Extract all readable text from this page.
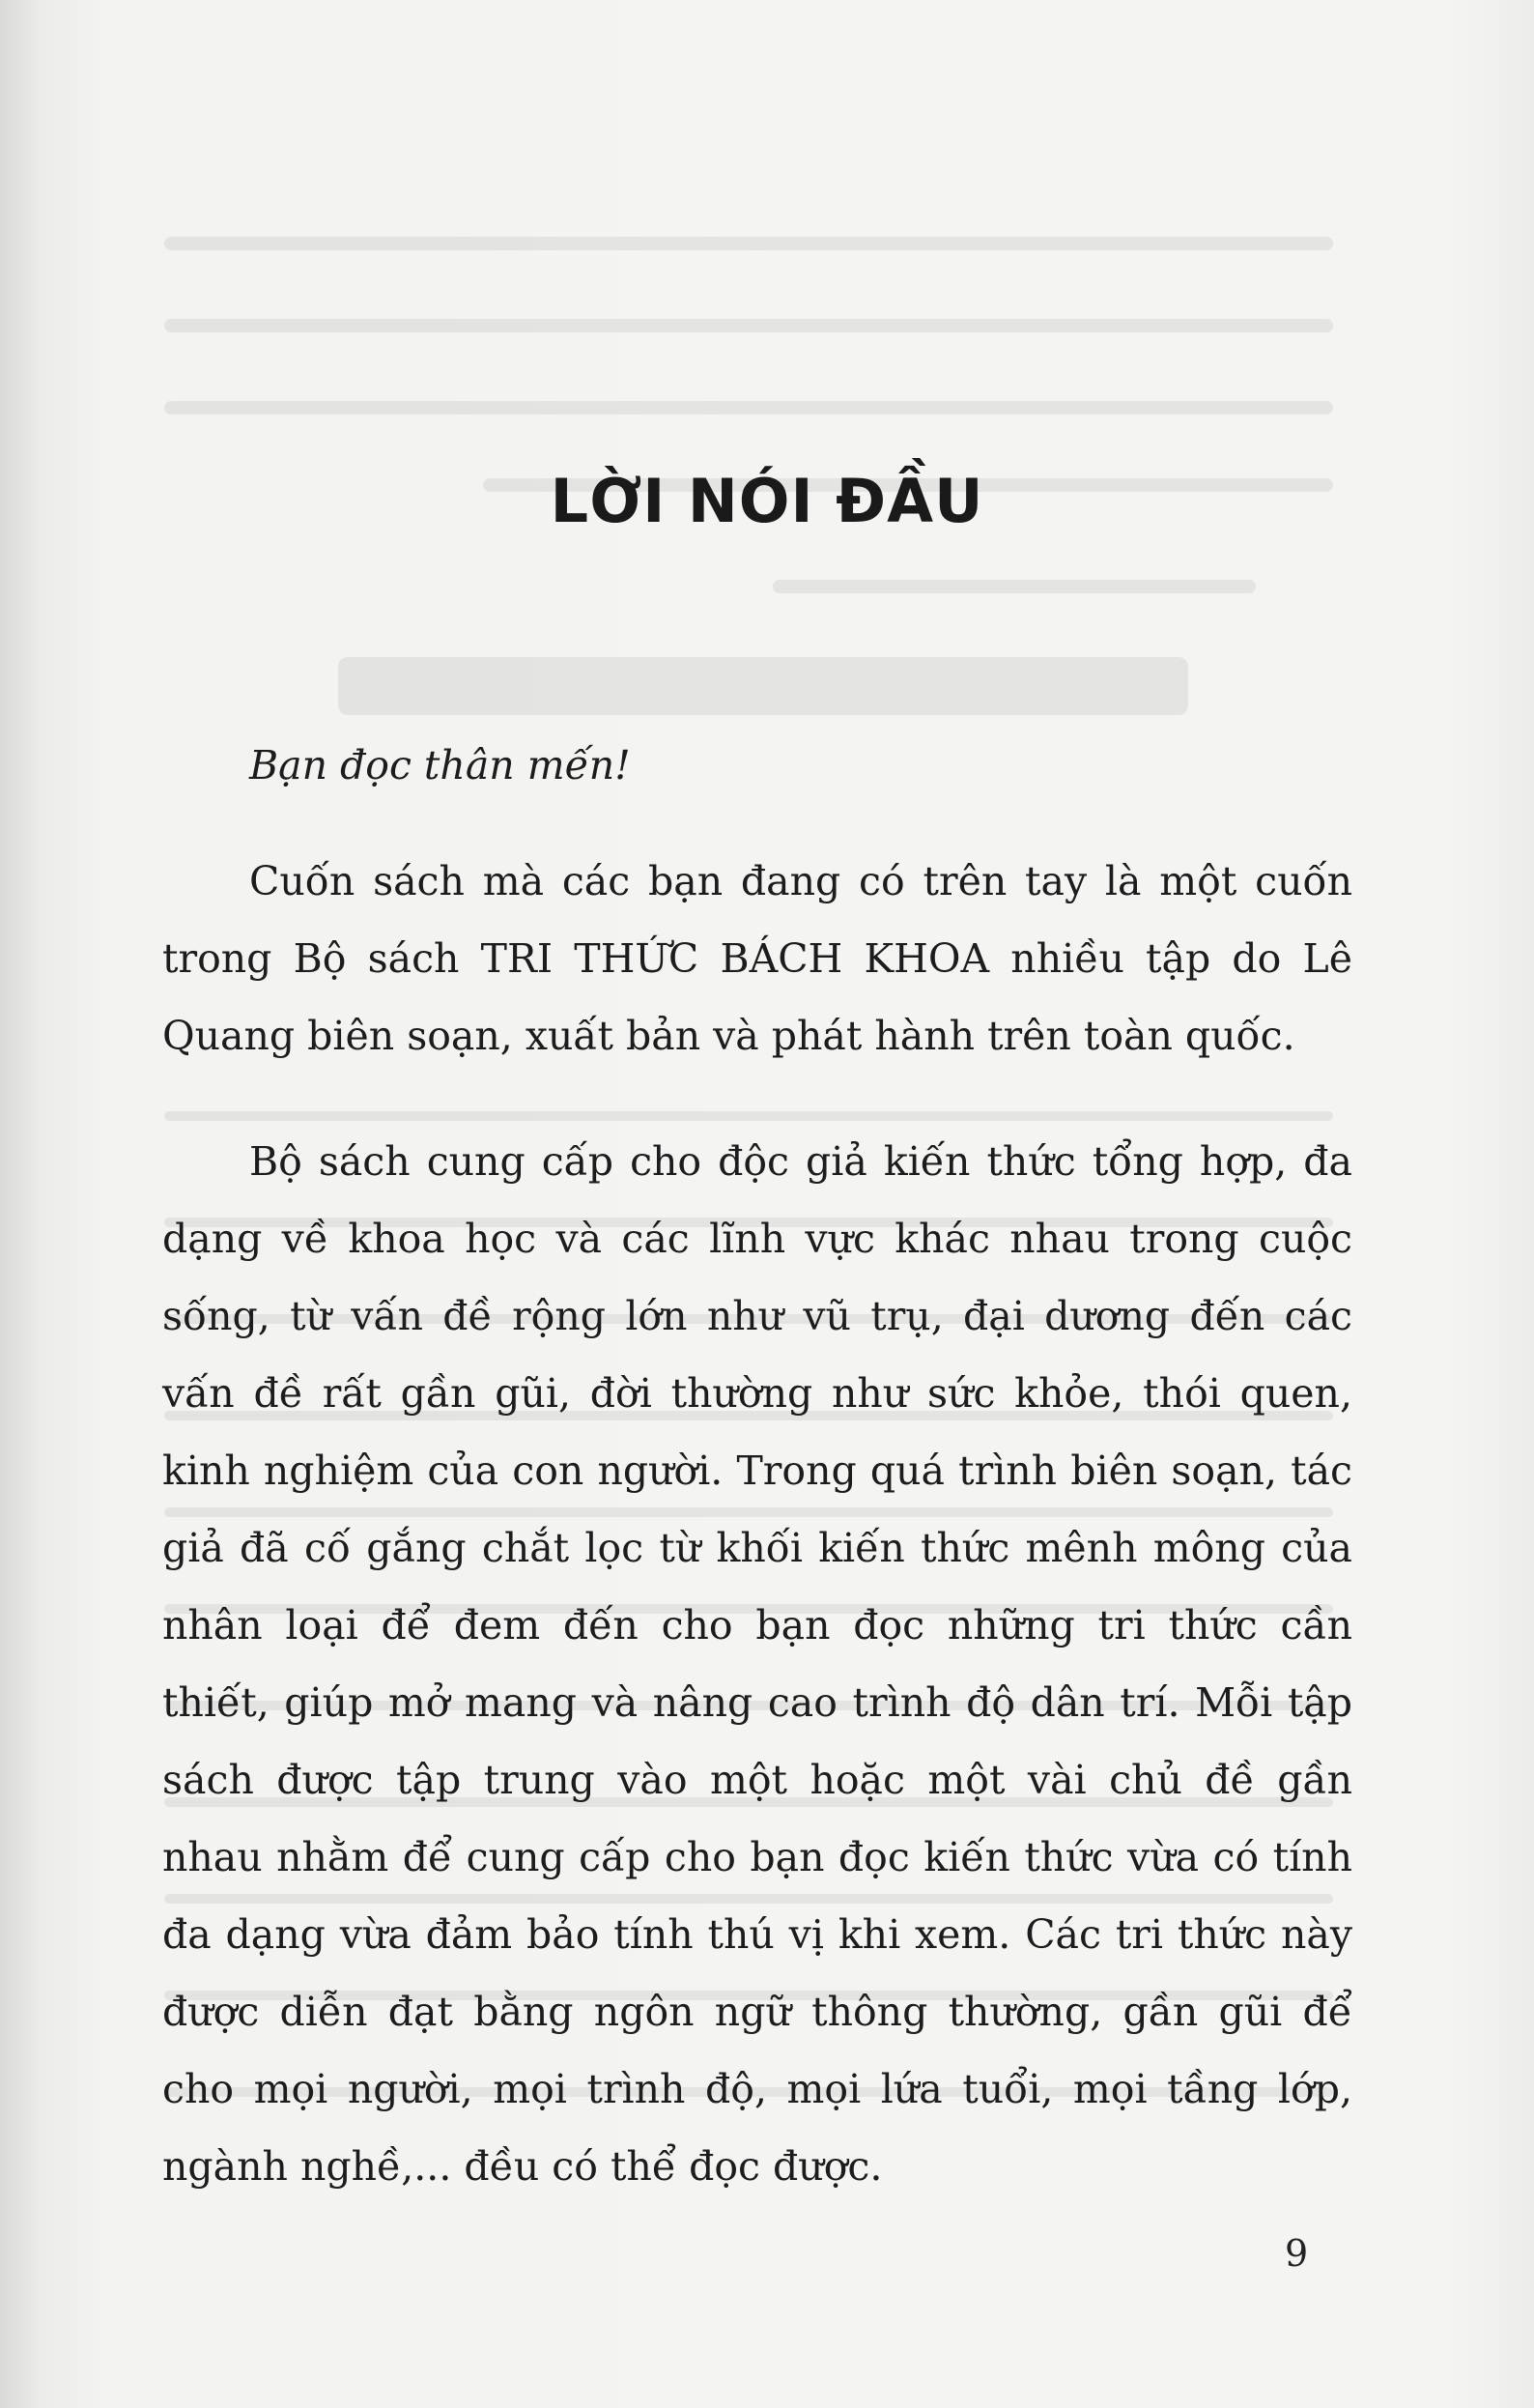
LỜI NÓI ĐẦU

Bạn đọc thân mến!

Cuốn sách mà các bạn đang có trên tay là một cuốn trong Bộ sách TRI THỨC BÁCH KHOA nhiều tập do Lê Quang biên soạn, xuất bản và phát hành trên toàn quốc.

Bộ sách cung cấp cho độc giả kiến thức tổng hợp, đa dạng về khoa học và các lĩnh vực khác nhau trong cuộc sống, từ vấn đề rộng lớn như vũ trụ, đại dương đến các vấn đề rất gần gũi, đời thường như sức khỏe, thói quen, kinh nghiệm của con người. Trong quá trình biên soạn, tác giả đã cố gắng chắt lọc từ khối kiến thức mênh mông của nhân loại để đem đến cho bạn đọc những tri thức cần thiết, giúp mở mang và nâng cao trình độ dân trí. Mỗi tập sách được tập trung vào một hoặc một vài chủ đề gần nhau nhằm để cung cấp cho bạn đọc kiến thức vừa có tính đa dạng vừa đảm bảo tính thú vị khi xem. Các tri thức này được diễn đạt bằng ngôn ngữ thông thường, gần gũi để cho mọi người, mọi trình độ, mọi lứa tuổi, mọi tầng lớp, ngành nghề,... đều có thể đọc được.

9
